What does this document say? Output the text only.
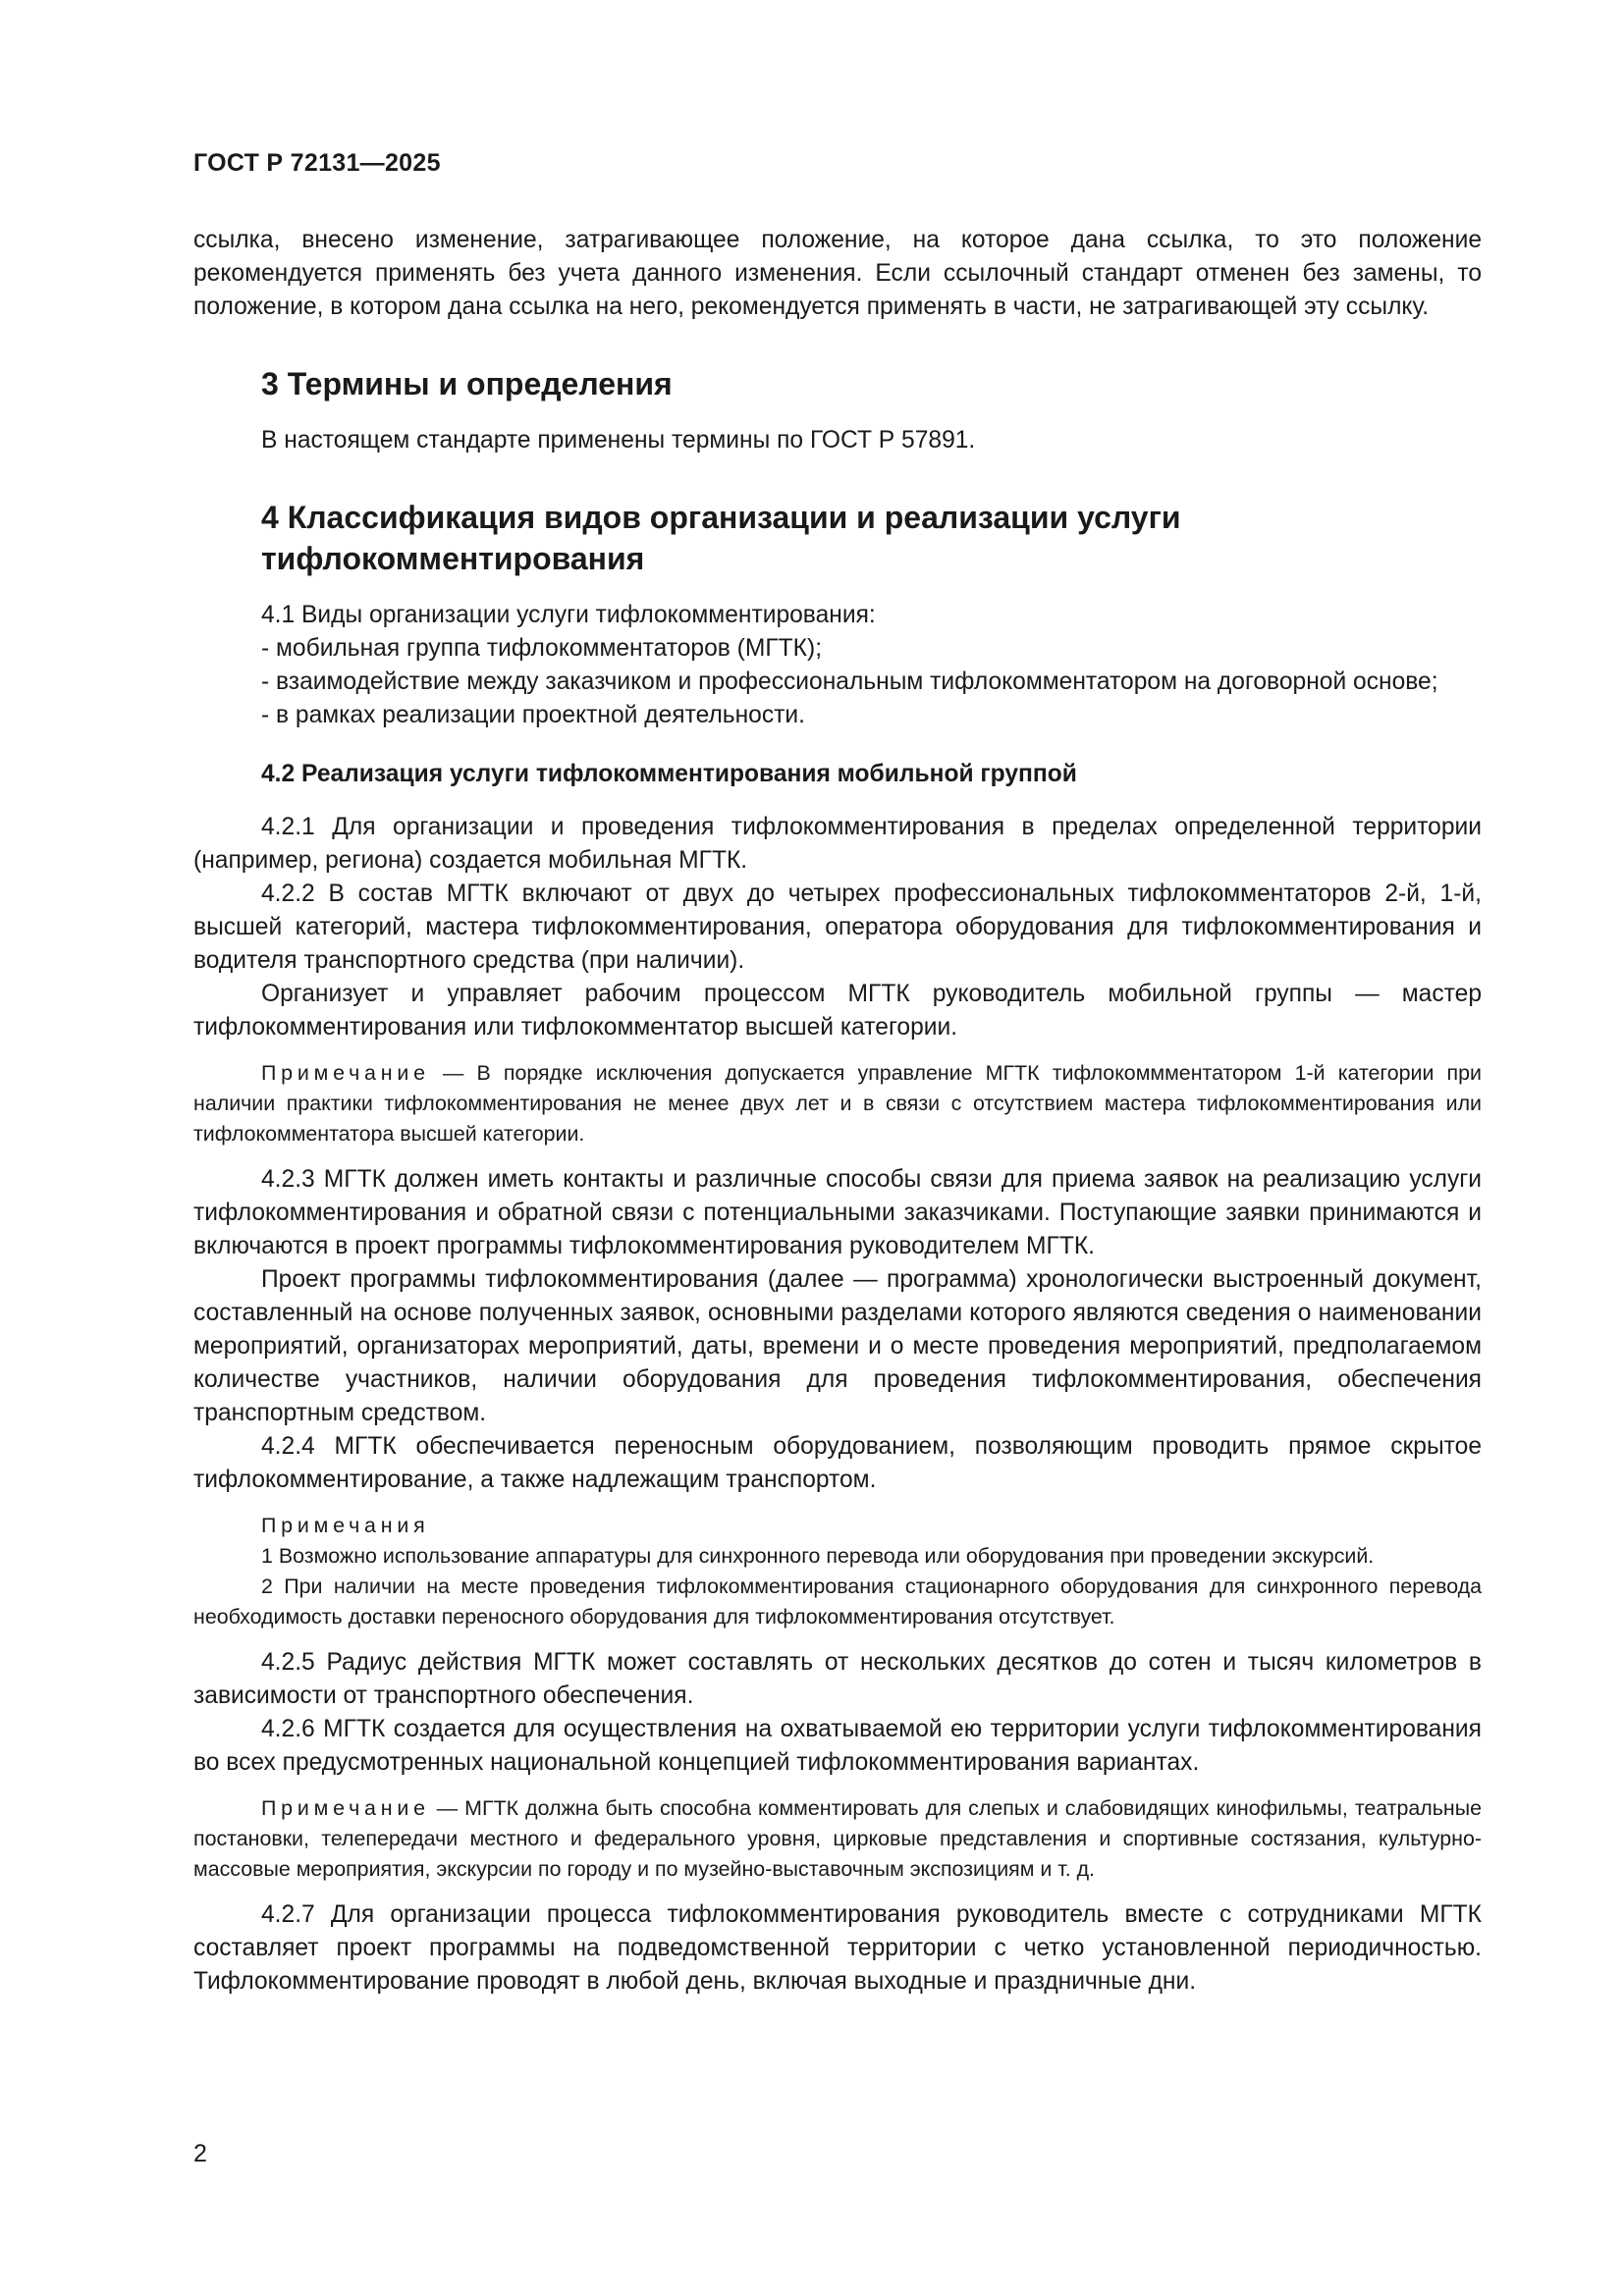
ГОСТ Р 72131—2025

ссылка, внесено изменение, затрагивающее положение, на которое дана ссылка, то это положение рекомендуется применять без учета данного изменения. Если ссылочный стандарт отменен без замены, то положение, в котором дана ссылка на него, рекомендуется применять в части, не затрагивающей эту ссылку.

3 Термины и определения

В настоящем стандарте применены термины по ГОСТ Р 57891.

4 Классификация видов организации и реализации услуги
тифлокомментирования

4.1 Виды организации услуги тифлокомментирования:

- мобильная группа тифлокомментаторов (МГТК);

- взаимодействие между заказчиком и профессиональным тифлокомментатором на договорной основе;

- в рамках реализации проектной деятельности.

4.2 Реализация услуги тифлокомментирования мобильной группой

4.2.1 Для организации и проведения тифлокомментирования в пределах определенной территории (например, региона) создается мобильная МГТК.

4.2.2 В состав МГТК включают от двух до четырех профессиональных тифлокомментаторов 2-й, 1-й, высшей категорий, мастера тифлокомментирования, оператора оборудования для тифлокомментирования и водителя транспортного средства (при наличии).

Организует и управляет рабочим процессом МГТК руководитель мобильной группы — мастер тифлокомментирования или тифлокомментатор высшей категории.

Примечание — В порядке исключения допускается управление МГТК тифлокоммментатором 1-й категории при наличии практики тифлокомментирования не менее двух лет и в связи с отсутствием мастера тифлокомментирования или тифлокомментатора высшей категории.

4.2.3 МГТК должен иметь контакты и различные способы связи для приема заявок на реализацию услуги тифлокомментирования и обратной связи с потенциальными заказчиками. Поступающие заявки принимаются и включаются в проект программы тифлокомментирования руководителем МГТК.

Проект программы тифлокомментирования (далее — программа) хронологически выстроенный документ, составленный на основе полученных заявок, основными разделами которого являются сведения о наименовании мероприятий, организаторах мероприятий, даты, времени и о месте проведения мероприятий, предполагаемом количестве участников, наличии оборудования для проведения тифлокомментирования, обеспечения транспортным средством.

4.2.4 МГТК обеспечивается переносным оборудованием, позволяющим проводить прямое скрытое тифлокомментирование, а также надлежащим транспортом.

Примечания

1 Возможно использование аппаратуры для синхронного перевода или оборудования при проведении экскурсий.

2 При наличии на месте проведения тифлокомментирования стационарного оборудования для синхронного перевода необходимость доставки переносного оборудования для тифлокомментирования отсутствует.

4.2.5 Радиус действия МГТК может составлять от нескольких десятков до сотен и тысяч километров в зависимости от транспортного обеспечения.

4.2.6 МГТК создается для осуществления на охватываемой ею территории услуги тифлокомментирования во всех предусмотренных национальной концепцией тифлокомментирования вариантах.

Примечание — МГТК должна быть способна комментировать для слепых и слабовидящих кинофильмы, театральные постановки, телепередачи местного и федерального уровня, цирковые представления и спортивные состязания, культурно-массовые мероприятия, экскурсии по городу и по музейно-выставочным экспозициям и т. д.

4.2.7 Для организации процесса тифлокомментирования руководитель вместе с сотрудниками МГТК составляет проект программы на подведомственной территории с четко установленной периодичностью. Тифлокомментирование проводят в любой день, включая выходные и праздничные дни.

2
